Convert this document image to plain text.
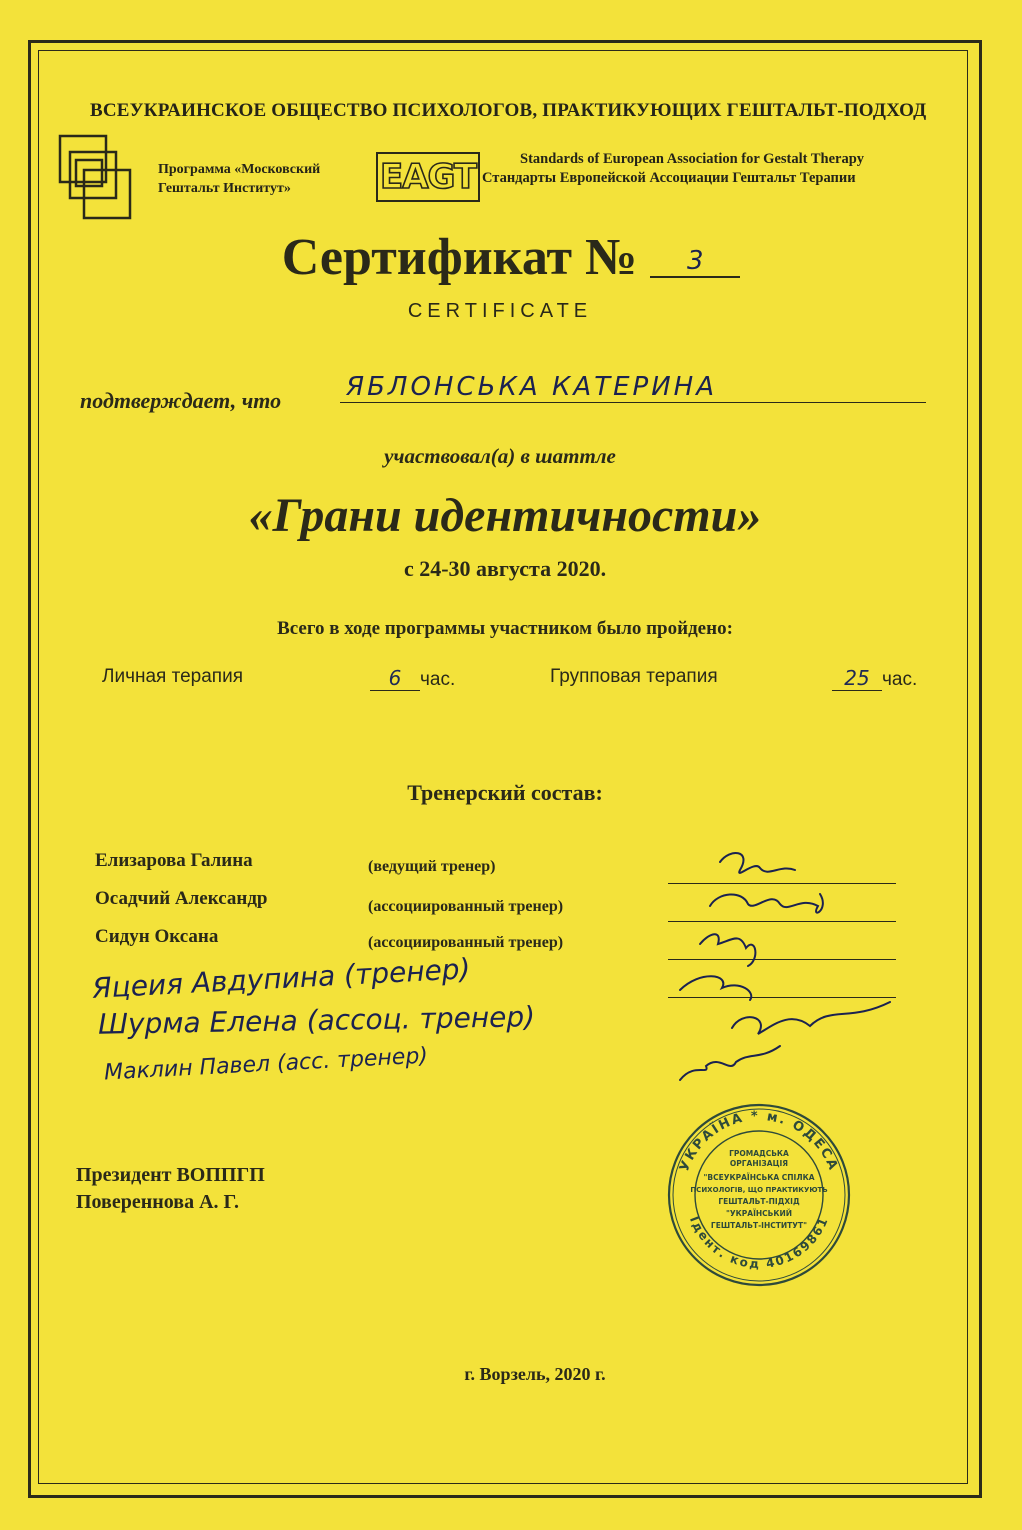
ВСЕУКРАИНСКОЕ ОБЩЕСТВО ПСИХОЛОГОВ, ПРАКТИКУЮЩИХ ГЕШТАЛЬТ-ПОДХОД
Программа «Московский
Гештальт Институт»	EAGT	Standards of European Association for Gestalt Therapy
Стандарты Европейской Ассоциации Гештальт Терапии
Сертификат № 3
CERTIFICATE
подтверждает, что ЯБЛОНСЬКА КАТЕРИНА
участвовал(а) в шаттле
«Грани идентичности»
с 24-30 августа 2020.
Всего в ходе программы участником было пройдено:
Личная терапия	6 час.	Групповая терапия	25 час.
Тренерский состав:
Елизарова Галина	(ведущий тренер)
Осадчий Александр	(ассоциированный тренер)
Сидун Оксана	(ассоциированный тренер)
Яцеия Авдупина (тренер)
Шурма Елена (ассоц. тренер)
Маклин Павел (асс. тренер)
УКРАЇНА * м. ОДЕСА
Ідент. код 40169861
ГРОМАДСЬКА
ОРГАНІЗАЦІЯ
"ВСЕУКРАЇНСЬКА СПІЛКА
ПСИХОЛОГІВ, ЩО ПРАКТИКУЮТЬ
ГЕШТАЛЬТ-ПІДХІД
"УКРАЇНСЬКИЙ
ГЕШТАЛЬТ-ІНСТИТУТ"
Президент ВОППГП
Поверенновa А. Г.
г. Ворзель, 2020 г.
